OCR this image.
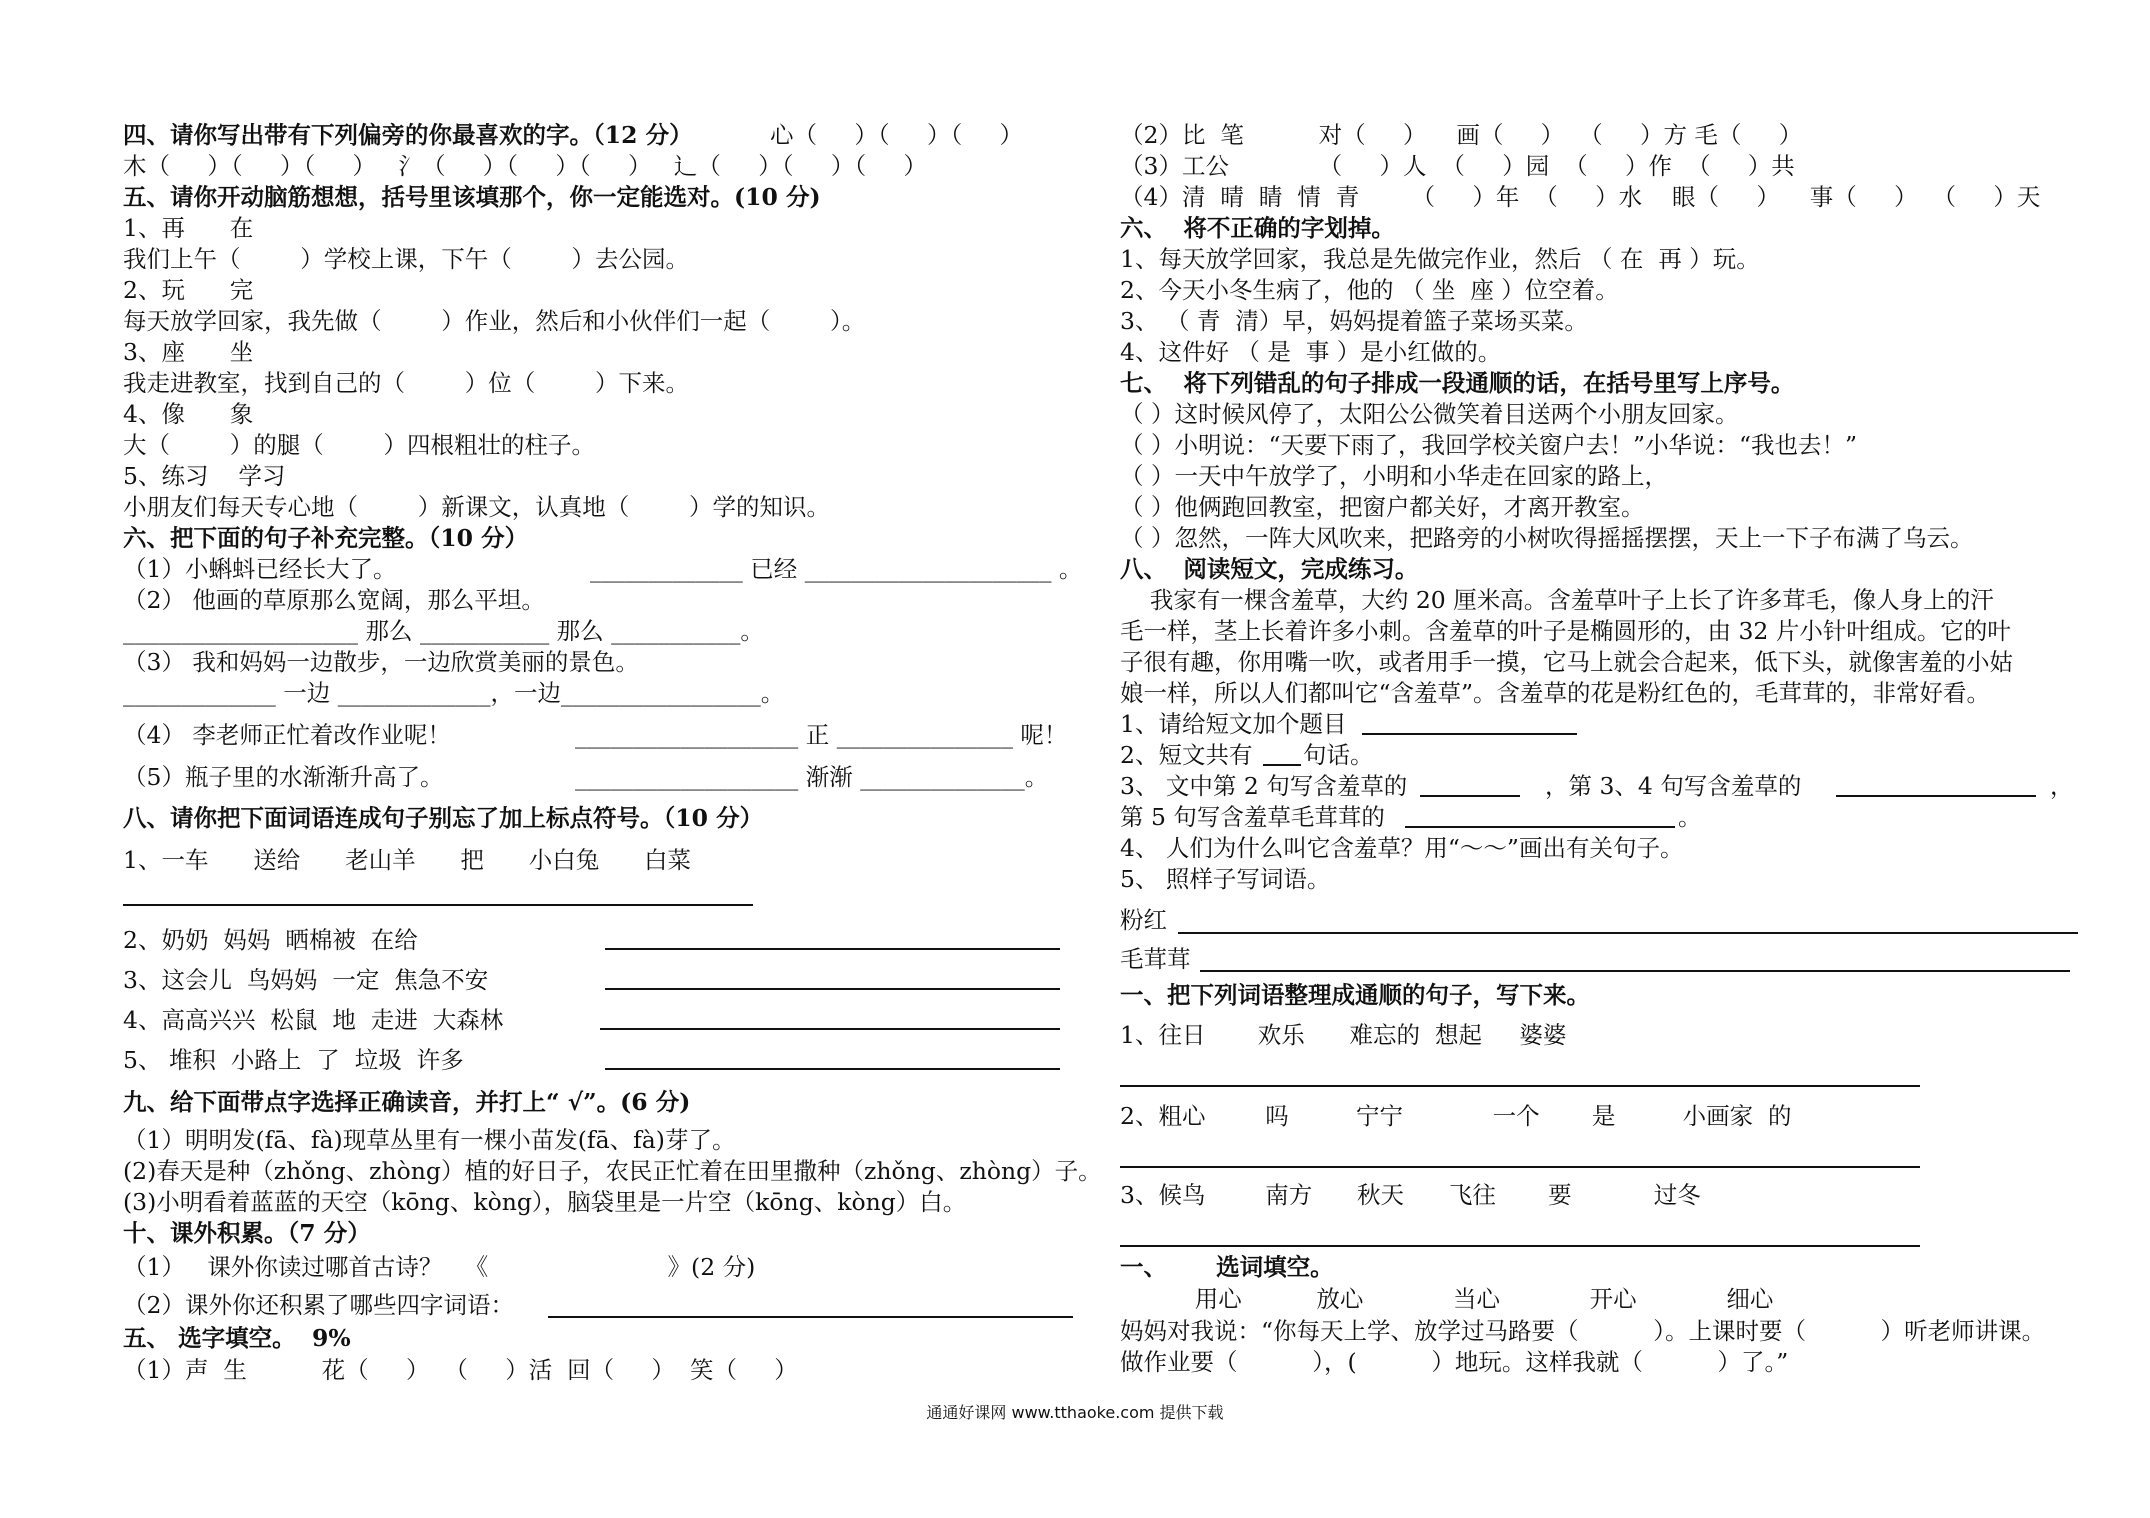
四、请你写出带有下列偏旁的你最喜欢的字。（12 分）	心（     ）（     ）（     ）
木（     ）（     ）（     ）   氵（     ）（     ）（     ）   辶（     ）（     ）（     ）
五、请你开动脑筋想想，括号里该填那个，你一定能选对。(10 分)
1、再      在
我们上午（        ）学校上课，下午（        ）去公园。
2、玩      完
每天放学回家，我先做（        ）作业，然后和小伙伴们一起（        ）。
3、座      坐
我走进教室，找到自己的（        ）位（        ）下来。
4、像      象
大（        ）的腿（        ）四根粗壮的柱子。
5、练习    学习
小朋友们每天专心地（        ）新课文，认真地（        ）学的知识。
六、把下面的句子补充完整。（10 分）
（1）小蝌蚪已经长大了。	_____________ 已经 _____________________ 。
（2） 他画的草原那么宽阔，那么平坦。
____________________ 那么 ___________ 那么 ___________。
（3） 我和妈妈一边散步，一边欣赏美丽的景色。
_____________ 一边 _____________，一边_________________。
（4） 李老师正忙着改作业呢！	___________________ 正 _______________ 呢！
（5）瓶子里的水渐渐升高了。	___________________ 渐渐 ______________。
八、请你把下面词语连成句子别忘了加上标点符号。（10 分）
1、一车      送给      老山羊      把      小白兔      白菜
2、奶奶  妈妈  晒棉被  在给
3、这会儿  鸟妈妈  一定  焦急不安
4、高高兴兴  松鼠  地  走进  大森林
5、 堆积  小路上  了  垃圾  许多
九、给下面带点字选择正确读音，并打上“ √”。(6 分)
（1）明明发(fā、fà)现草丛里有一棵小苗发(fā、fà)芽了。
(2)春天是种（zhǒng、zhòng）植的好日子，农民正忙着在田里撒种（zhǒng、zhòng）子。
(3)小明看着蓝蓝的天空（kōng、kòng），脑袋里是一片空（kōng、kòng）白。
十、课外积累。（7 分）
（1）   课外你读过哪首古诗？   《                        》(2 分)
（2）课外你还积累了哪些四字词语：
五、 选字填空。  9%
（1）声  生          花（     ）  （     ）活  回（     ）  笑（     ）
（2）比  笔          对（     ）    画（     ）  （     ）方 毛（     ）
（3）工公            （     ）人  （     ）园  （     ）作  （     ）共
（4）清  晴  睛  情  青       （     ）年  （     ）水    眼（     ）    事（     ）  （     ）天
六、  将不正确的字划掉。
1、每天放学回家，我总是先做完作业，然后 （ 在  再 ）玩。
2、今天小冬生病了，他的 （ 坐  座 ）位空着。
3、 （ 青  清）早，妈妈提着篮子菜场买菜。
4、这件好 （ 是  事 ）是小红做的。
七、  将下列错乱的句子排成一段通顺的话，在括号里写上序号。
（ ）这时候风停了，太阳公公微笑着目送两个小朋友回家。
（ ）小明说：“天要下雨了，我回学校关窗户去！”小华说：“我也去！”
（ ）一天中午放学了，小明和小华走在回家的路上，
（ ）他俩跑回教室，把窗户都关好，才离开教室。
（ ）忽然，一阵大风吹来，把路旁的小树吹得摇摇摆摆，天上一下子布满了乌云。
八、  阅读短文，完成练习。
我家有一棵含羞草，大约 20 厘米高。含羞草叶子上长了许多茸毛，像人身上的汗
毛一样，茎上长着许多小刺。含羞草的叶子是椭圆形的，由 32 片小针叶组成。它的叶
子很有趣，你用嘴一吹，或者用手一摸，它马上就会合起来，低下头，就像害羞的小姑
娘一样，所以人们都叫它“含羞草”。含羞草的花是粉红色的，毛茸茸的，非常好看。
1、请给短文加个题目
2、短文共有 句话。
3、 文中第 2 句写含羞草的	，第 3、4 句写含羞草的	，
第 5 句写含羞草毛茸茸的	。
4、 人们为什么叫它含羞草？用“～～”画出有关句子。
5、 照样子写词语。
粉红
毛茸茸
一、把下列词语整理成通顺的句子，写下来。
1、往日       欢乐      难忘的  想起     婆婆
2、粗心        吗         宁宁            一个       是         小画家  的
3、候鸟        南方      秋天      飞往       要           过冬
一、      选词填空。
用心          放心            当心            开心            细心
妈妈对我说：“你每天上学、放学过马路要（          ）。上课时要（          ）听老师讲课。
做作业要（          ），(          ）地玩。这样我就（          ）了。”
通通好课网 www.tthaoke.com 提供下载
